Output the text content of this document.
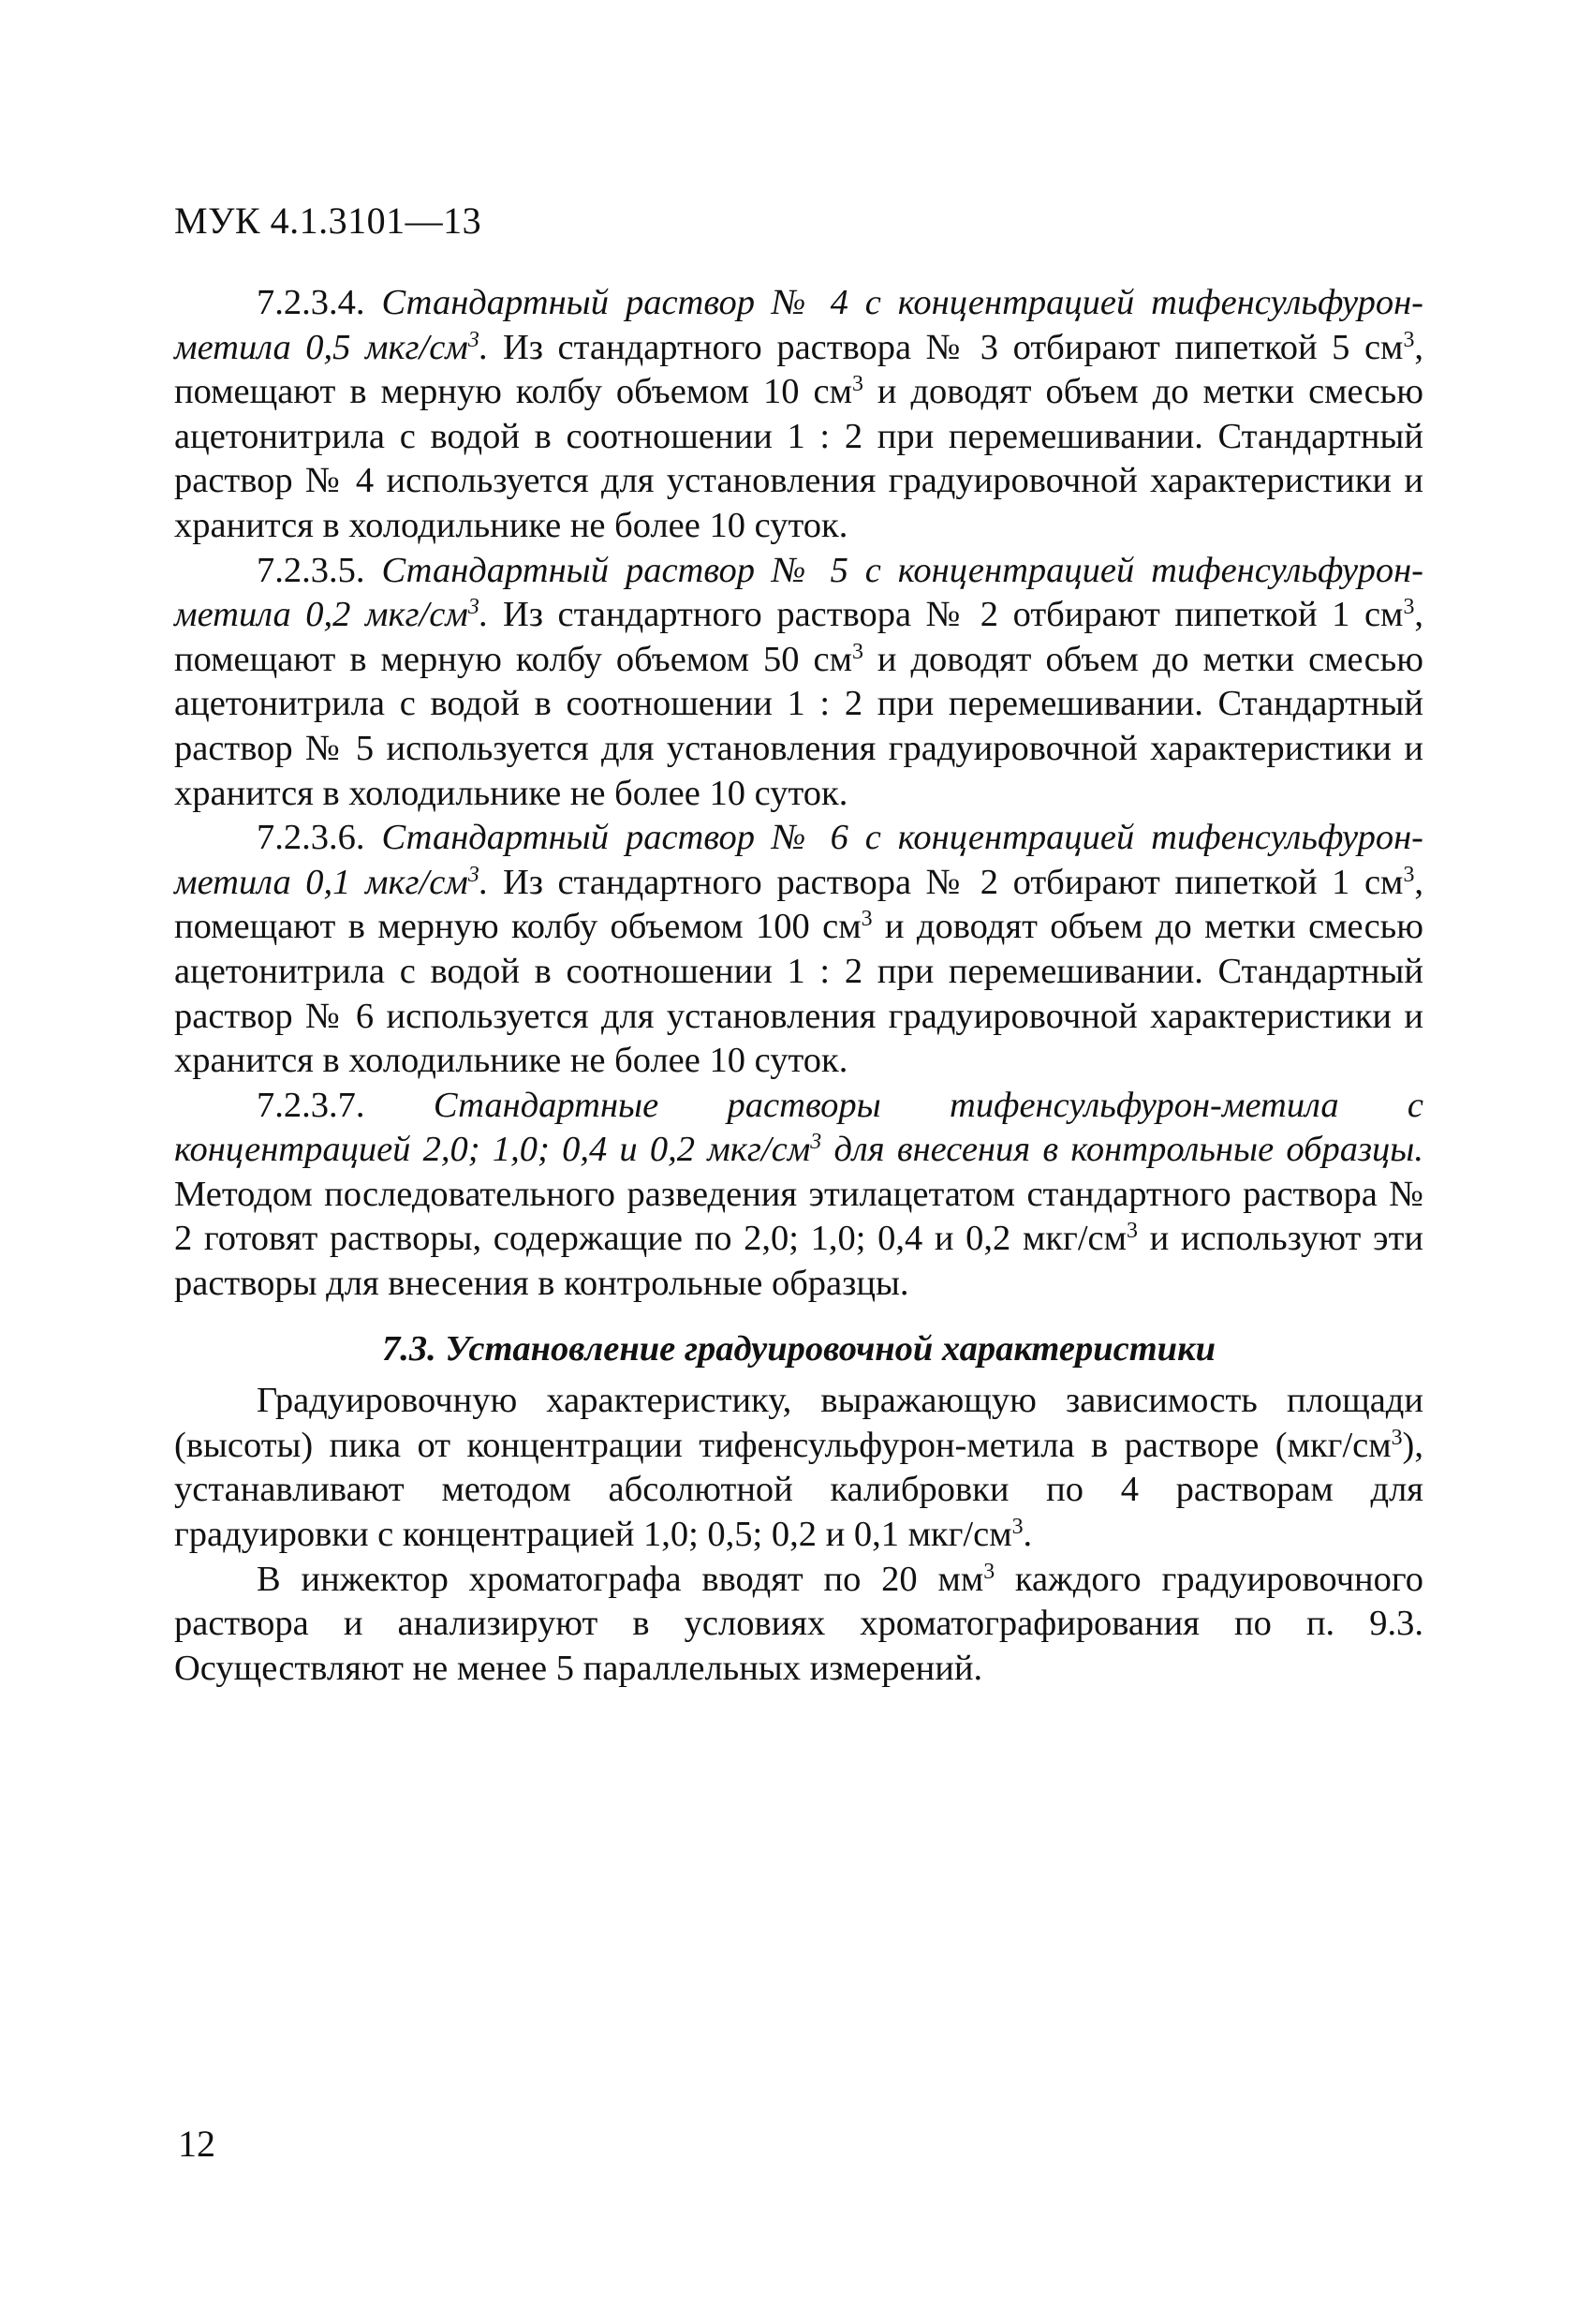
МУК 4.1.3101—13

7.2.3.4. Стандартный раствор № 4 с концентрацией тифенсульфурон-метила 0,5 мкг/$см^3$. Из стандартного раствора № 3 отбирают пипеткой 5 $см^3$, помещают в мерную колбу объемом 10 $см^3$ и доводят объем до метки смесью ацетонитрила с водой в соотношении 1 : 2 при перемешивании. Стандартный раствор № 4 используется для установления градуировочной характеристики и хранится в холодильнике не более 10 суток.

7.2.3.5. Стандартный раствор № 5 с концентрацией тифенсульфурон-метила 0,2 мкг/$см^3$. Из стандартного раствора № 2 отбирают пипеткой 1 $см^3$, помещают в мерную колбу объемом 50 $см^3$ и доводят объем до метки смесью ацетонитрила с водой в соотношении 1 : 2 при перемешивании. Стандартный раствор № 5 используется для установления градуировочной характеристики и хранится в холодильнике не более 10 суток.

7.2.3.6. Стандартный раствор № 6 с концентрацией тифенсульфурон-метила 0,1 мкг/$см^3$. Из стандартного раствора № 2 отбирают пипеткой 1 $см^3$, помещают в мерную колбу объемом 100 $см^3$ и доводят объем до метки смесью ацетонитрила с водой в соотношении 1 : 2 при перемешивании. Стандартный раствор № 6 используется для установления градуировочной характеристики и хранится в холодильнике не более 10 суток.

7.2.3.7. Стандартные растворы тифенсульфурон-метила с концентрацией 2,0; 1,0; 0,4 и 0,2 мкг/$см^3$ для внесения в контрольные образцы. Методом последовательного разведения этилацетатом стандартного раствора № 2 готовят растворы, содержащие по 2,0; 1,0; 0,4 и 0,2 мкг/$см^3$ и используют эти растворы для внесения в контрольные образцы.

7.3. Установление градуировочной характеристики

Градуировочную характеристику, выражающую зависимость площади (высоты) пика от концентрации тифенсульфурон-метила в растворе $(мкг/см^3)$, устанавливают методом абсолютной калибровки по 4 растворам для градуировки с концентрацией 1,0; 0,5; 0,2 и 0,1 мкг/$см^3$.

В инжектор хроматографа вводят по 20 $мм^3$ каждого градуировочного раствора и анализируют в условиях хроматографирования по п. 9.3. Осуществляют не менее 5 параллельных измерений.

12
